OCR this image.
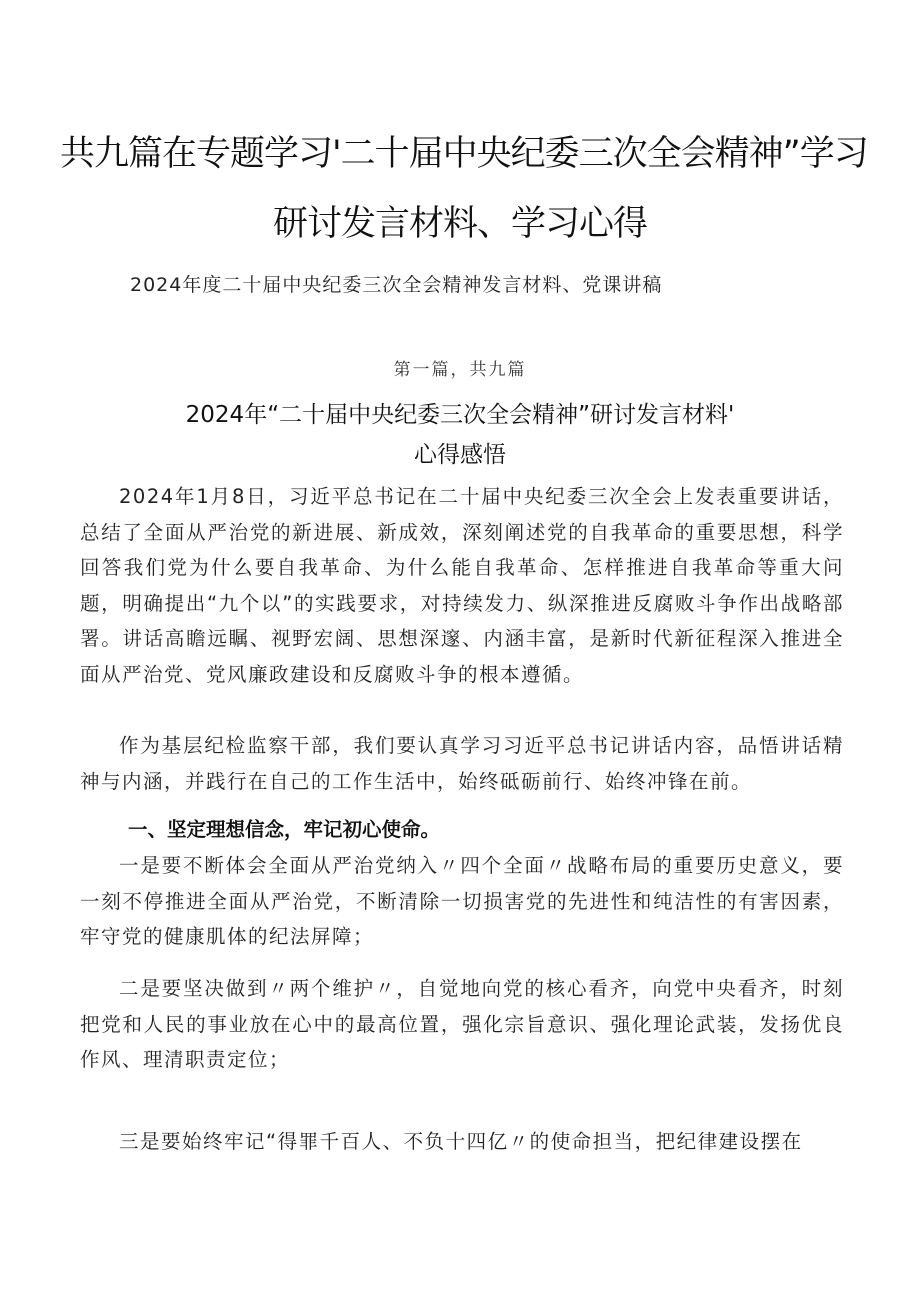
共九篇在专题学习'二十届中央纪委三次全会精神”学习
研讨发言材料、学习心得
2024年度二十届中央纪委三次全会精神发言材料、党课讲稿
第一篇，共九篇
2024年“二十届中央纪委三次全会精神”研讨发言材料'
心得感悟

2024年1月8日，习近平总书记在二十届中央纪委三次全会上发表重要讲话，总结了全面从严治党的新进展、新成效，深刻阐述党的自我革命的重要思想，科学回答我们党为什么要自我革命、为什么能自我革命、怎样推进自我革命等重大问题，明确提出“九个以”的实践要求，对持续发力、纵深推进反腐败斗争作出战略部署。讲话高瞻远瞩、视野宏阔、思想深邃、内涵丰富，是新时代新征程深入推进全面从严治党、党风廉政建设和反腐败斗争的根本遵循。

作为基层纪检监察干部，我们要认真学习习近平总书记讲话内容，品悟讲话精神与内涵，并践行在自己的工作生活中，始终砥砺前行、始终冲锋在前。

一、坚定理想信念，牢记初心使命。

一是要不断体会全面从严治党纳入〃四个全面〃战略布局的重要历史意义，要一刻不停推进全面从严治党，不断清除一切损害党的先进性和纯洁性的有害因素，牢守党的健康肌体的纪法屏障；

二是要坚决做到〃两个维护〃，自觉地向党的核心看齐，向党中央看齐，时刻把党和人民的事业放在心中的最高位置，强化宗旨意识、强化理论武装，发扬优良作风、理清职责定位；

三是要始终牢记“得罪千百人、不负十四亿〃的使命担当，把纪律建设摆在
